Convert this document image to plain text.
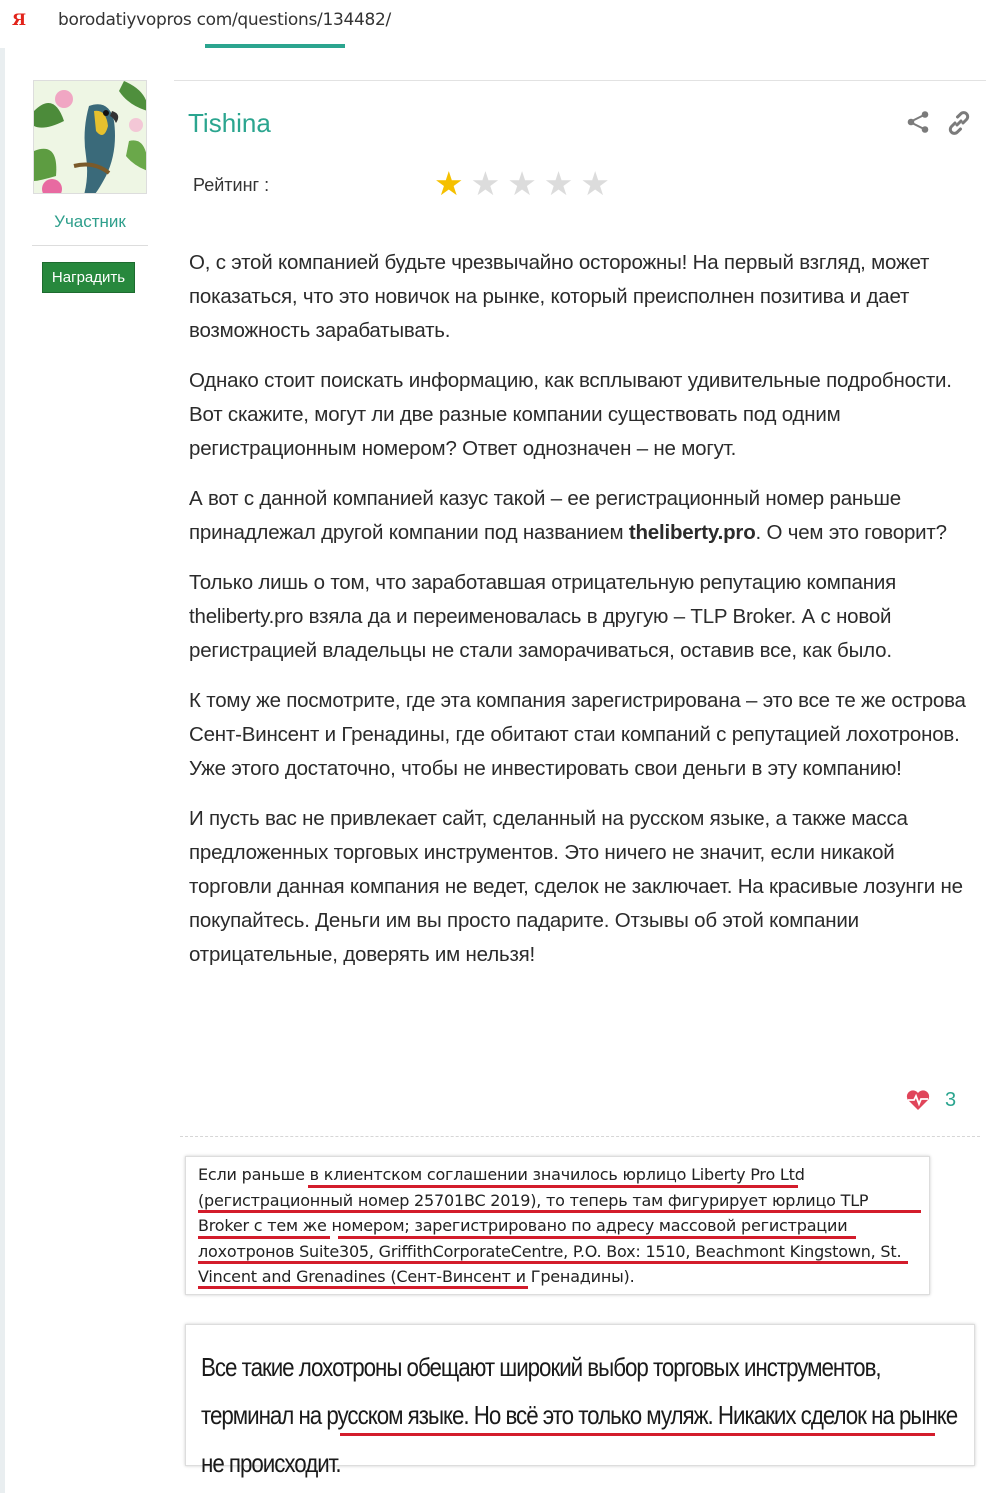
Я	borodatiyvopros com/questions/134482/
Участник
Наградить
Tishina
Рейтинг :	★ ★ ★ ★ ★

О, с этой компанией будьте чрезвычайно осторожны! На первый взгляд, может показаться, что это новичок на рынке, который преисполнен позитива и дает возможность зарабатывать.

Однако стоит поискать информацию, как всплывают удивительные подробности.
Вот скажите, могут ли две разные компании существовать под одним регистрационным номером? Ответ однозначен – не могут.

А вот с данной компанией казус такой – ее регистрационный номер раньше принадлежал другой компании под названием theliberty.pro. О чем это говорит?

Только лишь о том, что заработавшая отрицательную репутацию компания theliberty.pro взяла да и переименовалась в другую – TLP Broker. А с новой регистрацией владельцы не стали заморачиваться, оставив все, как было.

К тому же посмотрите, где эта компания зарегистрирована – это все те же острова Сент-Винсент и Гренадины, где обитают стаи компаний с репутацией лохотронов.
Уже этого достаточно, чтобы не инвестировать свои деньги в эту компанию!

И пусть вас не привлекает сайт, сделанный на русском языке, а также масса предложенных торговых инструментов. Это ничего не значит, если никакой торговли данная компания не ведет, сделок не заключает. На красивые лозунги не покупайтесь. Деньги им вы просто падарите. Отзывы об этой компании отрицательные, доверять им нельзя!

3
Если раньше в клиентском соглашении значилось юрлицо Liberty Pro Ltd (регистрационный номер 25701BC 2019), то теперь там фигурирует юрлицо TLP Broker с тем же номером; зарегистрировано по адресу массовой регистрации лохотронов Suite305, GriffithCorporateCentre, P.O. Box: 1510, Beachmont Kingstown, St. Vincent and Grenadines (Сент-Винсент и Гренадины).
Все такие лохотроны обещают широкий выбор торговых инструментов, терминал на русском языке. Но всё это только муляж. Никаких сделок на рынке не происходит.
